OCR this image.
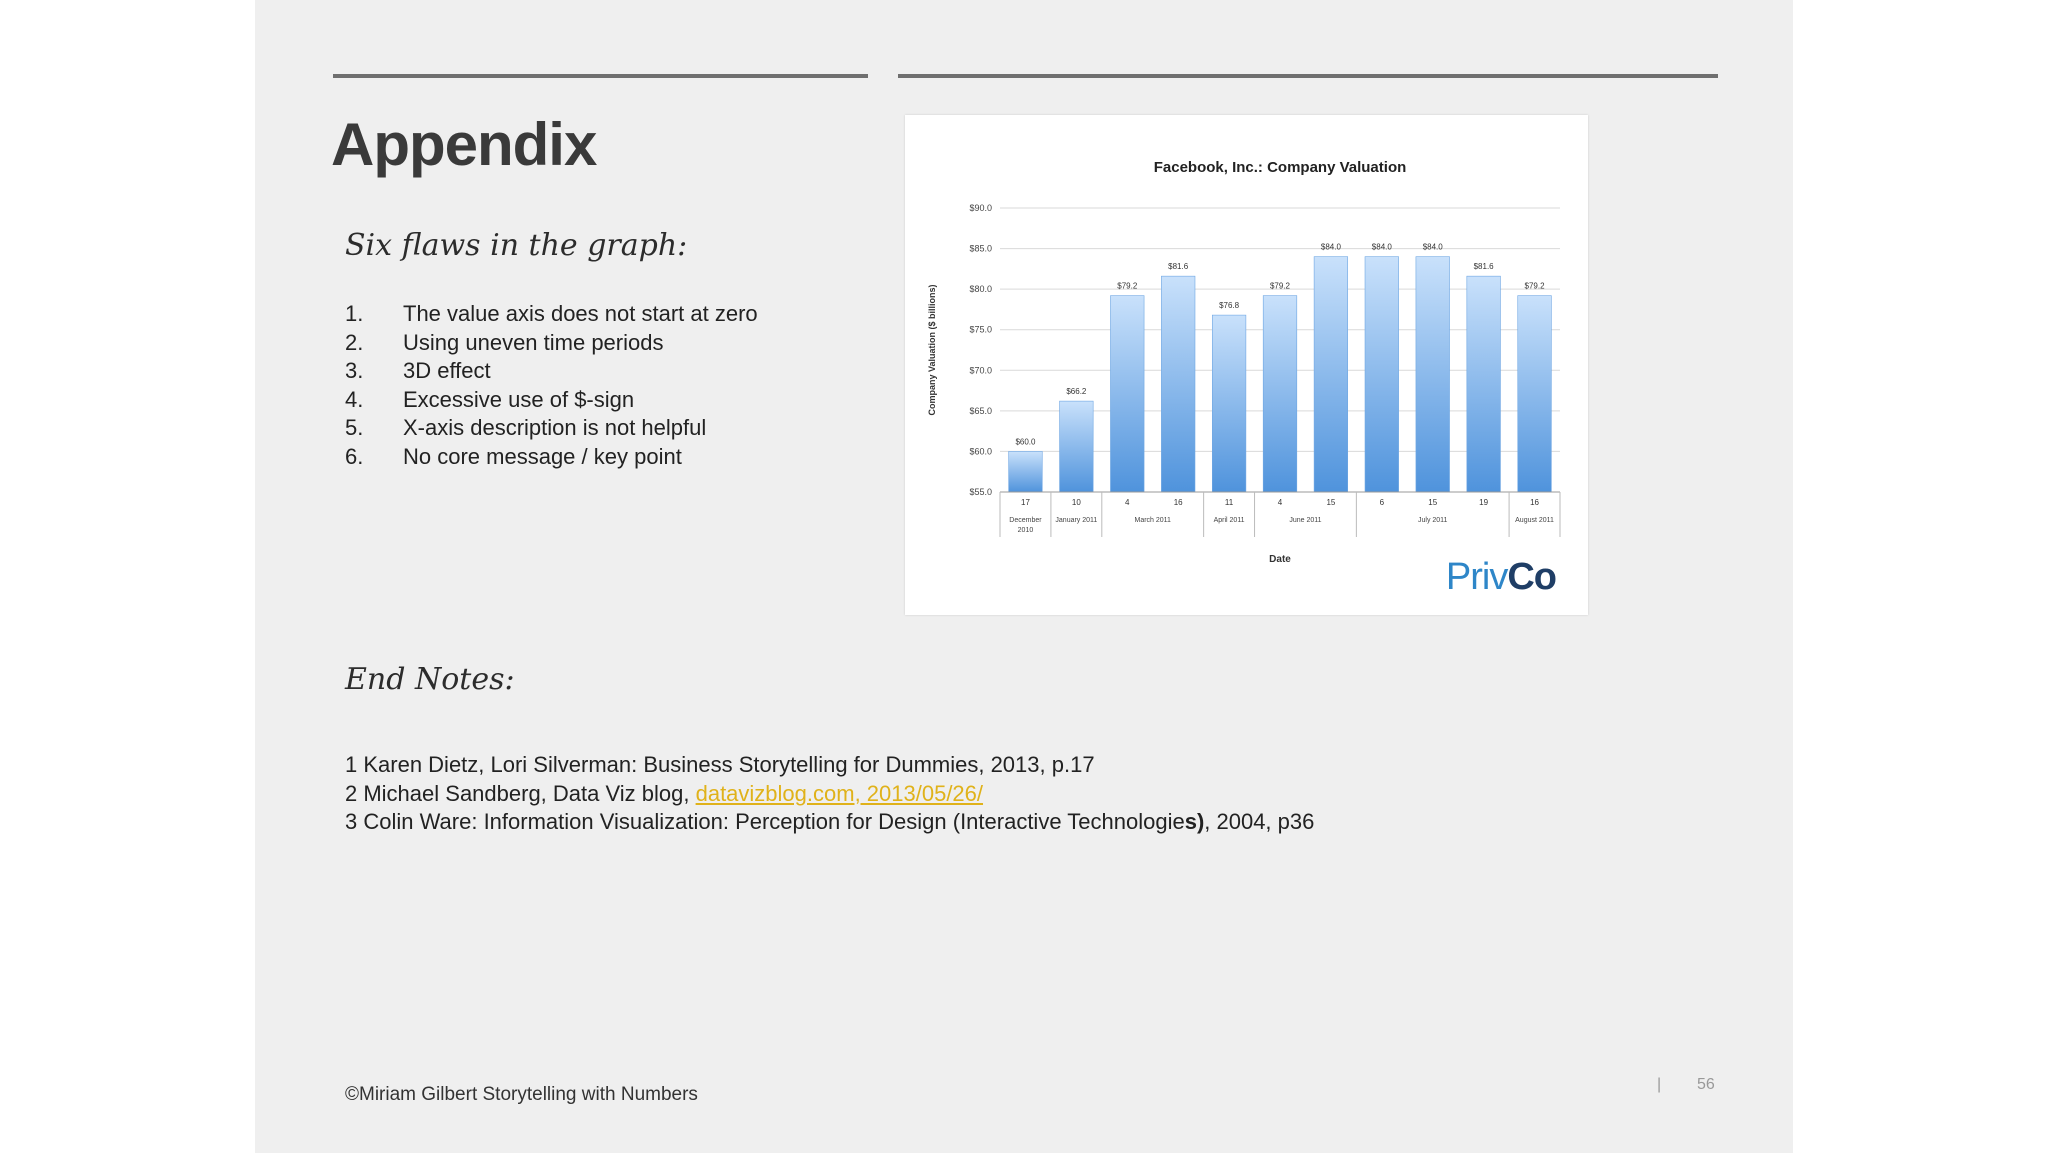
Appendix
Six flaws in the graph:
1.	The value axis does not start at zero
2.	Using uneven time periods
3.	3D effect
4.	Excessive use of $-sign
5.	X-axis description is not helpful
6.	No core message / key point
Facebook, Inc.: Company Valuation
$55.0
$60.0
$65.0
$70.0
$75.0
$80.0
$85.0
$90.0
Company Valuation ($ billions)
$60.0
17
$66.2
10
$79.2
4
$81.6
16
$76.8
11
$79.2
4
$84.0
15
$84.0
6
$84.0
15
$81.6
19
$79.2
16
December
2010
January 2011	March 2011	April 2011	June 2011	July 2011	August 2011
Date	PrivCo
End Notes:
1 Karen Dietz, Lori Silverman: Business Storytelling for Dummies, 2013, p.17
2 Michael Sandberg, Data Viz blog, datavizblog.com, 2013/05/26/
3 Colin Ware: Information Visualization: Perception for Design (Interactive Technologies), 2004, p36
©Miriam Gilbert Storytelling with Numbers	| 56
